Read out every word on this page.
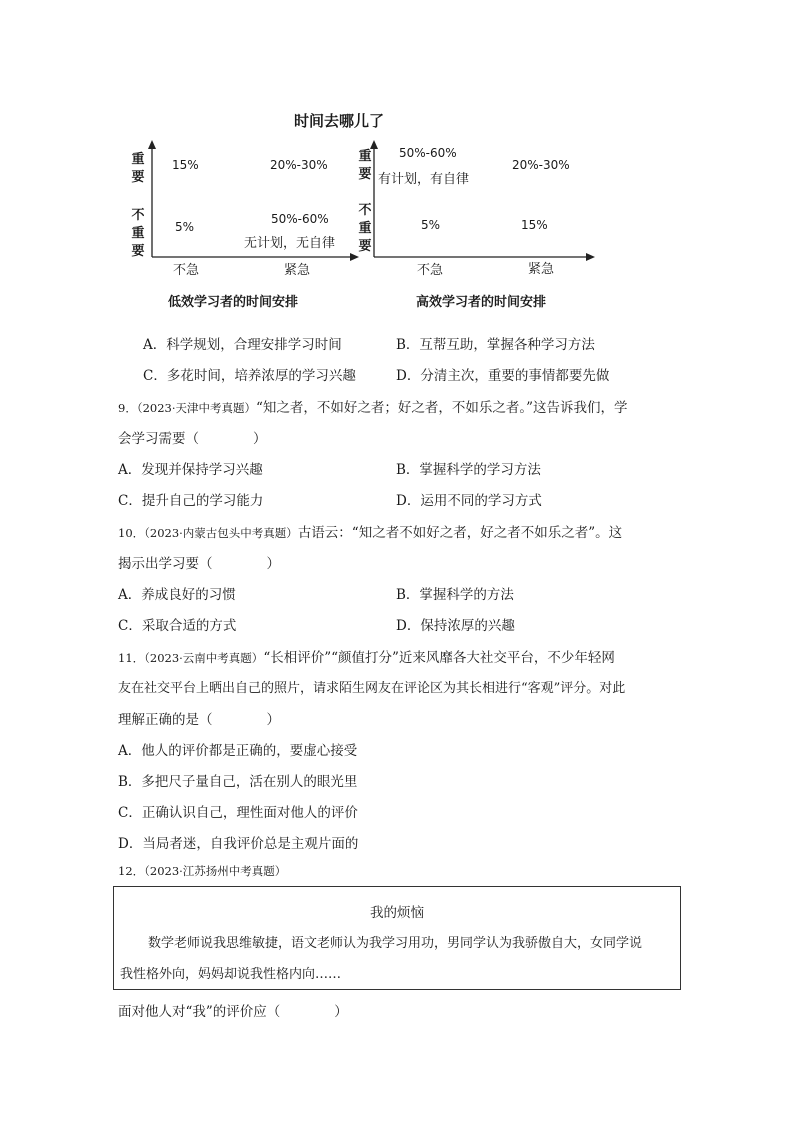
时间去哪儿了
重要
不重要
15%	20%-30%
5%
50%-60%
无计划，无自律
不急	紧急
低效学习者的时间安排
重要
不重要
50%-60%
有计划，有自律
20%-30%
5%	15%
不急	紧急
高效学习者的时间安排
A．科学规划，合理安排学习时间	B．互帮互助，掌握各种学习方法
C．多花时间，培养浓厚的学习兴趣	D．分清主次，重要的事情都要先做
9．（2023·天津中考真题）“知之者，不如好之者；好之者，不如乐之者。”这告诉我们，学
会学习需要（　　　　）
A．发现并保持学习兴趣	B．掌握科学的学习方法
C．提升自己的学习能力	D．运用不同的学习方式
10．（2023·内蒙古包头中考真题）古语云：“知之者不如好之者，好之者不如乐之者”。这
揭示出学习要（　　　　）
A．养成良好的习惯	B．掌握科学的方法
C．采取合适的方式	D．保持浓厚的兴趣
11．（2023·云南中考真题）“长相评价”“颜值打分”近来风靡各大社交平台，不少年轻网
友在社交平台上晒出自己的照片，请求陌生网友在评论区为其长相进行“客观”评分。对此
理解正确的是（　　　　）
A．他人的评价都是正确的，要虚心接受
B．多把尺子量自己，活在别人的眼光里
C．正确认识自己，理性面对他人的评价
D．当局者迷，自我评价总是主观片面的
12．（2023·江苏扬州中考真题）
我的烦恼
数学老师说我思维敏捷，语文老师认为我学习用功，男同学认为我骄傲自大，女同学说
我性格外向，妈妈却说我性格内向……
面对他人对“我”的评价应（　　　　）
